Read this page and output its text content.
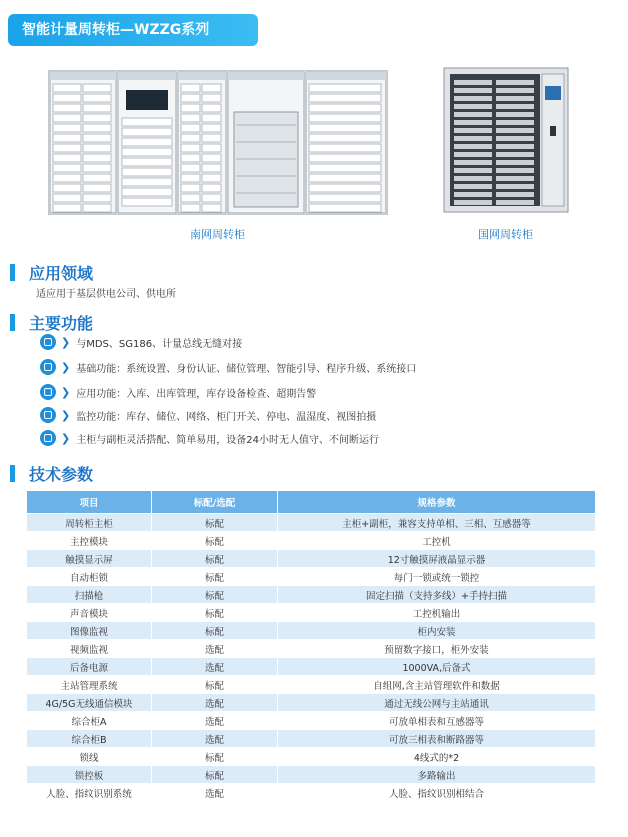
智能计量周转柜—WZZG系列
南网周转柜	国网周转柜
应用领域
适应用于基层供电公司、供电所
主要功能
❯ 与MDS、SG186、计量总线无缝对接
❯ 基础功能：系统设置、身份认证、储位管理、智能引导、程序升级、系统接口
❯ 应用功能：入库、出库管理，库存设备检查、超期告警
❯ 监控功能：库存、储位、网络、柜门开关、停电、温湿度、视图拍摄
❯ 主柜与副柜灵活搭配、简单易用，设备24小时无人值守、不间断运行
技术参数
项目	标配/选配	规格参数
周转柜主柜	标配	主柜+副柜，兼容支持单相、三相、互感器等
主控模块	标配	工控机
触摸显示屏	标配	12寸触摸屏液晶显示器
自动柜锁	标配	每门一锁或统一锁控
扫描枪	标配	固定扫描（支持多线）+手持扫描
声音模块	标配	工控机输出
图像监视	标配	柜内安装
视频监视	选配	预留数字接口，柜外安装
后备电源	选配	1000VA,后备式
主站管理系统	标配	自组网,含主站管理软件和数据
4G/5G无线通信模块	选配	通过无线公网与主站通讯
综合柜A	选配	可放单相表和互感器等
综合柜B	选配	可放三相表和断路器等
锁线	标配	4线式的*2
锁控板	标配	多路输出
人脸、指纹识别系统	选配	人脸、指纹识别相结合
